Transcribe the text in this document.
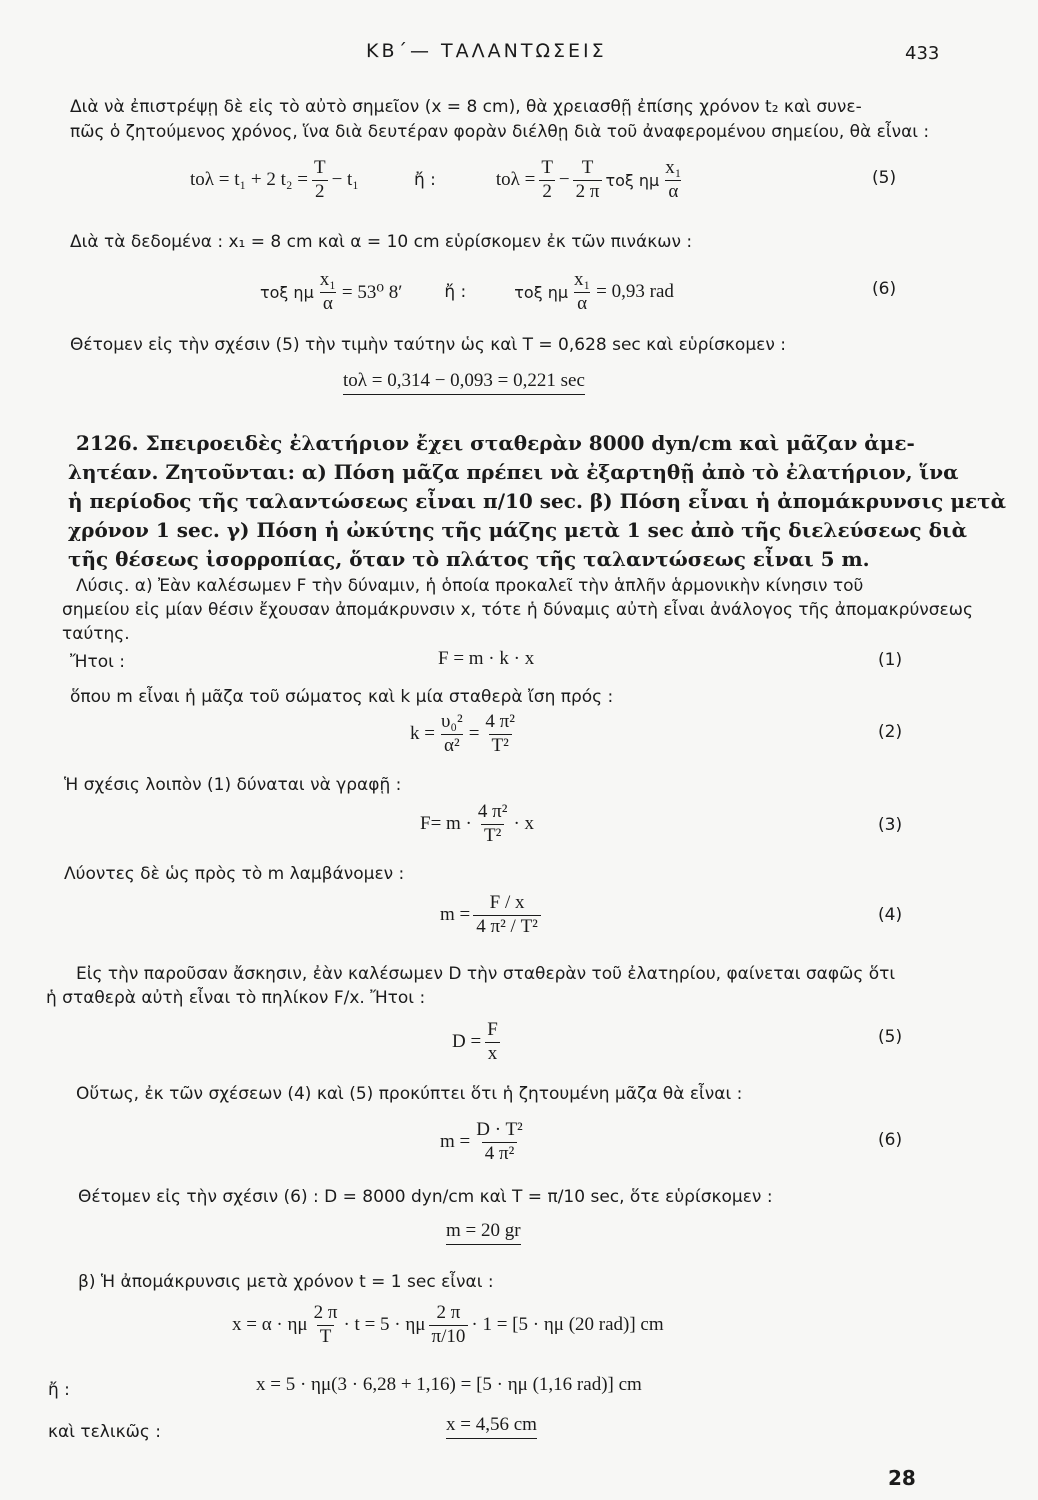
ΚΒ΄— ΤΑΛΑΝΤΩΣΕΙΣ	433
Διὰ νὰ ἐπιστρέψῃ δὲ εἰς τὸ αὐτὸ σημεῖον (x = 8 cm), θὰ χρειασθῇ ἐπίσης χρόνον t₂ καὶ συνε-
πῶς ὁ ζητούμενος χρόνος, ἵνα διὰ δευτέραν φορὰν διέλθῃ διὰ τοῦ ἀναφερομένου σημείου, θὰ εἶναι :
tολ = t₁ + 2 $t_2 = \frac{T}{2} - t_1$	ἤ :	$to\lambda = \frac{T}{2} - \frac{T}{2 \pi}$ τοξ ημ $\frac{\text{x₁}}{\alpha}$	(5)
Διὰ τὰ δεδομένα : x₁ = 8 cm καὶ α = 10 cm εὑρίσκομεν ἐκ τῶν πινάκων :
τοξ ημ $\frac{\text{x₁}}{\alpha} = 53^0$ 8′ ἤ :	τοξ ημ $\frac{\text{x₁}}{\alpha} = 0,93$ rad	(6)
Θέτομεν εἰς τὴν σχέσιν (5) τὴν τιμὴν ταύτην ὡς καὶ T = 0,628 sec καὶ εὑρίσκομεν :
tολ = 0,314 − 0,093 = 0,221 sec
2126. Σπειροειδὲς ἐλατήριον ἔχει σταθερὰν 8000 dyn/cm καὶ μᾶζαν ἀμε-
λητέαν. Ζητοῦνται: α) Πόση μᾶζα πρέπει νὰ ἐξαρτηθῇ ἀπὸ τὸ ἐλατήριον, ἵνα
ἡ περίοδος τῆς ταλαντώσεως εἶναι π/10 sec. β) Πόση εἶναι ἡ ἀπομάκρυνσις μετὰ
χρόνον 1 sec. γ) Πόση ἡ ὠκύτης τῆς μάζης μετὰ 1 sec ἀπὸ τῆς διελεύσεως διὰ
τῆς θέσεως ἰσορροπίας, ὅταν τὸ πλάτος τῆς ταλαντώσεως εἶναι 5 m.
Λύσις. α) Ἐὰν καλέσωμεν F τὴν δύναμιν, ἡ ὁποία προκαλεῖ τὴν ἁπλῆν ἁρμονικὴν κίνησιν τοῦ
σημείου εἰς μίαν θέσιν ἔχουσαν ἀπομάκρυνσιν x, τότε ἡ δύναμις αὐτὴ εἶναι ἀνάλογος τῆς ἀπομακρύνσεως
ταύτης.
Ἤτοι :	F = m · k · x	(1)
ὅπου m εἶναι ἡ μᾶζα τοῦ σώματος καὶ k μία σταθερὰ ἴση πρός :
$k = \frac{\text{υ₀²}}{\text{α²}} = \frac{\text{4 π²}}{\text{T²}}$	(2)
Ἡ σχέσις λοιπὸν (1) δύναται νὰ γραφῇ :
$F= m \cdot \frac{\text{4 π²}}{\text{T²}} \cdot x$	(3)
Λύοντες δὲ ὡς πρὸς τὸ m λαμβάνομεν :
$m = \frac{F / x}{\text{4 π² / T²}}$	(4)
Εἰς τὴν παροῦσαν ἄσκησιν, ἐὰν καλέσωμεν D τὴν σταθερὰν τοῦ ἐλατηρίου, φαίνεται σαφῶς ὅτι
ἡ σταθερὰ αὐτὴ εἶναι τὸ πηλίκον F/x. Ἤτοι :
$D = \frac{F}{x}$	(5)
Οὕτως, ἐκ τῶν σχέσεων (4) καὶ (5) προκύπτει ὅτι ἡ ζητουμένη μᾶζα θὰ εἶναι :
$m = \frac{\text{D · T²}}{\text{4 π²}}$	(6)
Θέτομεν εἰς τὴν σχέσιν (6) : D = 8000 dyn/cm καὶ T = π/10 sec, ὅτε εὑρίσκομεν :
m = 20 gr
β) Ἡ ἀπομάκρυνσις μετὰ χρόνον t = 1 sec εἶναι :
x = α · ημ $\frac{2 \pi}{T} \cdot t = 5 \cdot \eta\mu \frac{2 \pi}{\pi/10} \cdot 1 = [5 \cdot \eta\mu$ (20 rad)] cm
ἤ :	x = 5 · ημ(3 · 6,28 + 1,16) = [5 · ημ (1,16 rad)] cm
καὶ τελικῶς :	x = 4,56 cm
28
